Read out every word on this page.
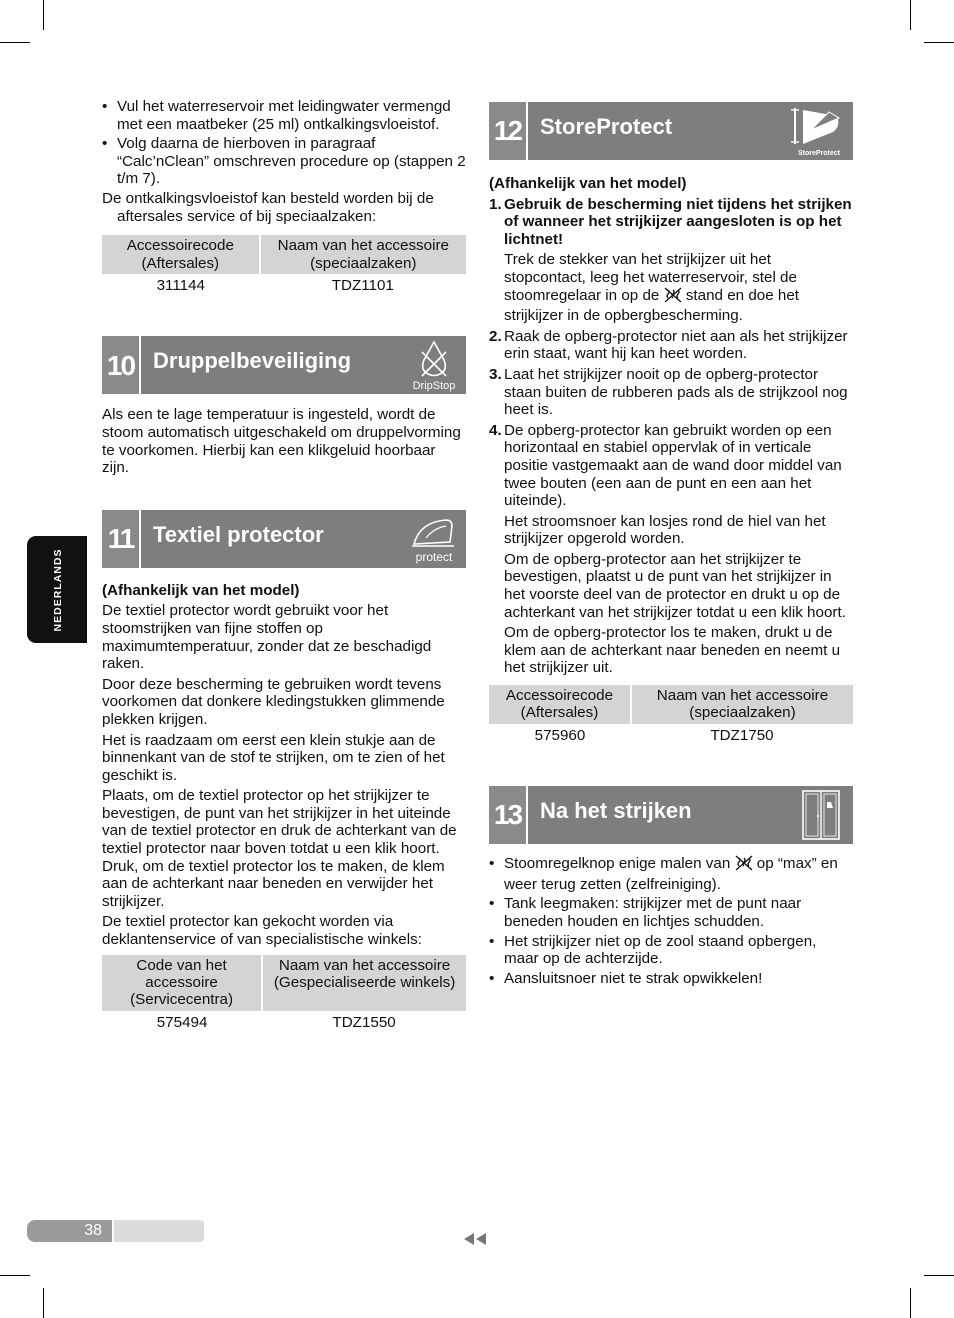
• Vul het waterreservoir met leidingwater vermengd met een maatbeker (25 ml) ontkalkingsvloeistof.
• Volg daarna de hierboven in paragraaf “Calc’nClean” omschreven procedure op (stappen 2 t/m 7).

De ontkalkingsvloeistof kan besteld worden bij de aftersales service of bij speciaalzaken:

Accessoirecode (Aftersales)	Naam van het accessoire (speciaalzaken)
311144	TDZ1101
10 Druppelbeveiliging
DripStop

Als een te lage temperatuur is ingesteld, wordt de stoom automatisch uitgeschakeld om druppelvorming te voorkomen. Hierbij kan een klikgeluid hoorbaar zijn.

11 Textiel protector
protect

(Afhankelijk van het model)

De textiel protector wordt gebruikt voor het stoomstrijken van fijne stoffen op maximumtemperatuur, zonder dat ze beschadigd raken.

Door deze bescherming te gebruiken wordt tevens voorkomen dat donkere kledingstukken glimmende plekken krijgen.

Het is raadzaam om eerst een klein stukje aan de binnenkant van de stof te strijken, om te zien of het geschikt is.

Plaats, om de textiel protector op het strijkijzer te bevestigen, de punt van het strijkijzer in het uiteinde van de textiel protector en druk de achterkant van de textiel protector naar boven totdat u een klik hoort. Druk, om de textiel protector los te maken, de klem aan de achterkant naar beneden en verwijder het strijkijzer.

De textiel protector kan gekocht worden via deklantenservice of van specialistische winkels:

Code van het accessoire (Servicecentra)	Naam van het accessoire (Gespecialiseerde winkels)
575494	TDZ1550
12 StoreProtect
StoreProtect

(Afhankelijk van het model)

1. Gebruik de bescherming niet tijdens het strijken of wanneer het strijkijzer aangesloten is op het lichtnet!

Trek de stekker van het strijkijzer uit het stopcontact, leeg het waterreservoir, stel de stoomregelaar in op de stand en doe het strijkijzer in de opbergbescherming.

2. Raak de opberg-protector niet aan als het strijkijzer erin staat, want hij kan heet worden.

3. Laat het strijkijzer nooit op de opberg-protector staan buiten de rubberen pads als de strijkzool nog heet is.

4. De opberg-protector kan gebruikt worden op een horizontaal en stabiel oppervlak of in verticale positie vastgemaakt aan de wand door middel van twee bouten (een aan de punt en een aan het uiteinde).

Het stroomsnoer kan losjes rond de hiel van het strijkijzer opgerold worden.

Om de opberg-protector aan het strijkijzer te bevestigen, plaatst u de punt van het strijkijzer in het voorste deel van de protector en drukt u op de achterkant van het strijkijzer totdat u een klik hoort.

Om de opberg-protector los te maken, drukt u de klem aan de achterkant naar beneden en neemt u het strijkijzer uit.

Accessoirecode (Aftersales)	Naam van het accessoire (speciaalzaken)
575960	TDZ1750
13 Na het strijken
• Stoomregelknop enige malen van op “max” en weer terug zetten (zelfreiniging).
• Tank leegmaken: strijkijzer met de punt naar beneden houden en lichtjes schudden.
• Het strijkijzer niet op de zool staand opbergen, maar op de achterzijde.
• Aansluitsnoer niet te strak opwikkelen!
NEDERLANDS
38
